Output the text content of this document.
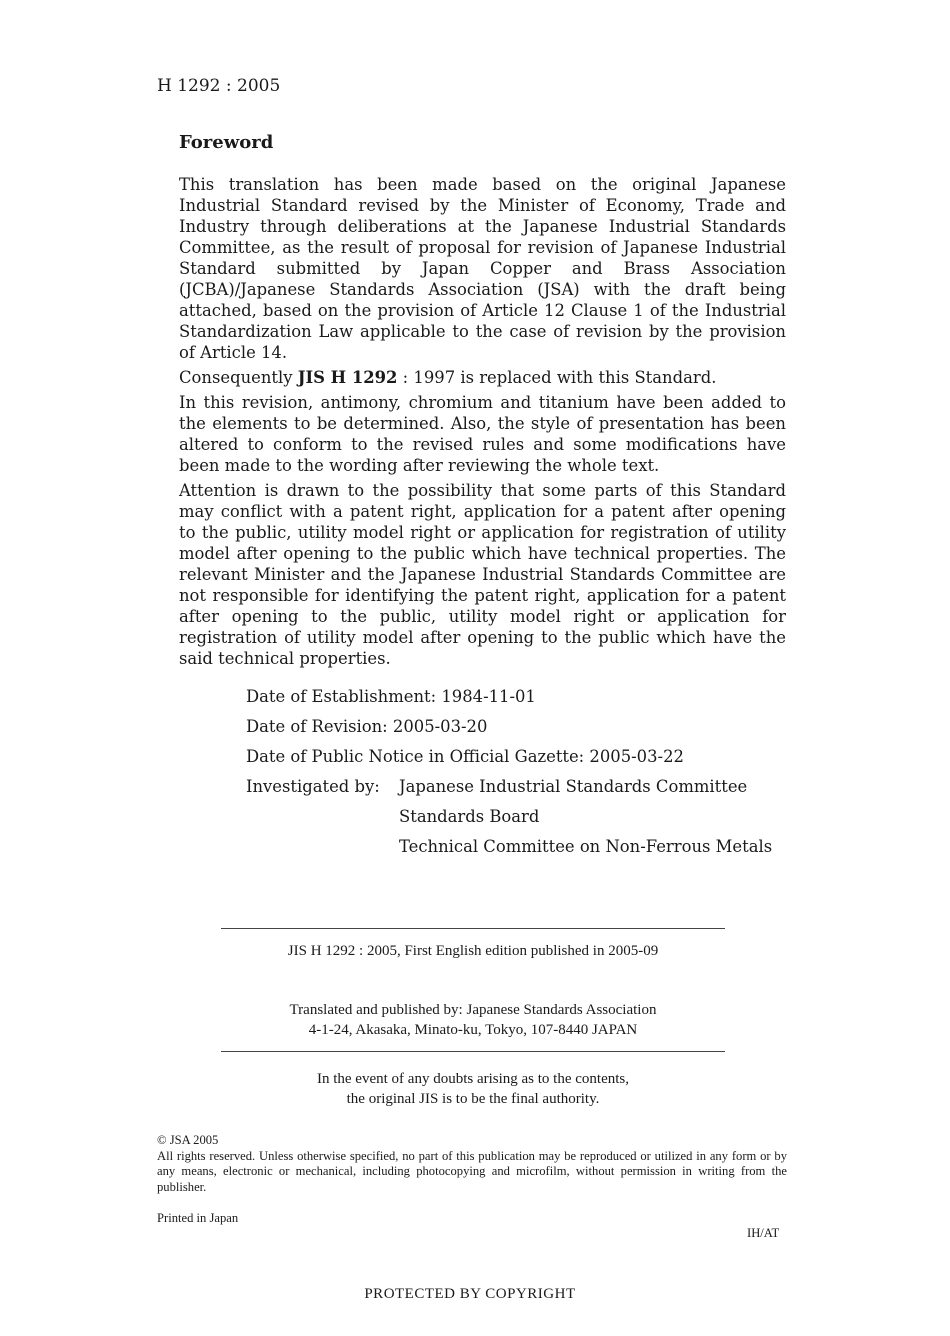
H 1292 : 2005
Foreword

This translation has been made based on the original Japanese Industrial Standard revised by the Minister of Economy, Trade and Industry through deliberations at the Japanese Industrial Standards Committee, as the result of proposal for revision of Japanese Industrial Standard submitted by Japan Copper and Brass Association (JCBA)/Japanese Standards Association (JSA) with the draft being attached, based on the provision of Article 12 Clause 1 of the Industrial Standardization Law applicable to the case of revision by the provision of Article 14.

Consequently JIS H 1292 : 1997 is replaced with this Standard.

In this revision, antimony, chromium and titanium have been added to the elements to be determined. Also, the style of presentation has been altered to conform to the revised rules and some modifications have been made to the wording after reviewing the whole text.

Attention is drawn to the possibility that some parts of this Standard may conflict with a patent right, application for a patent after opening to the public, utility model right or application for registration of utility model after opening to the public which have technical properties. The relevant Minister and the Japanese Industrial Standards Committee are not responsible for identifying the patent right, application for a patent after opening to the public, utility model right or application for registration of utility model after opening to the public which have the said technical properties.

Date of Establishment: 1984-11-01
Date of Revision: 2005-03-20
Date of Public Notice in Official Gazette: 2005-03-22
Investigated by:	Japanese Industrial Standards Committee
Standards Board
Technical Committee on Non-Ferrous Metals
JIS H 1292 : 2005, First English edition published in 2005-09
Translated and published by: Japanese Standards Association
4-1-24, Akasaka, Minato-ku, Tokyo, 107-8440 JAPAN
In the event of any doubts arising as to the contents,
the original JIS is to be the final authority.
© JSA 2005
All rights reserved. Unless otherwise specified, no part of this publication may be reproduced or utilized in any form or by any means, electronic or mechanical, including photocopying and microfilm, without permission in writing from the publisher.
Printed in Japan
IH/AT
PROTECTED BY COPYRIGHT
